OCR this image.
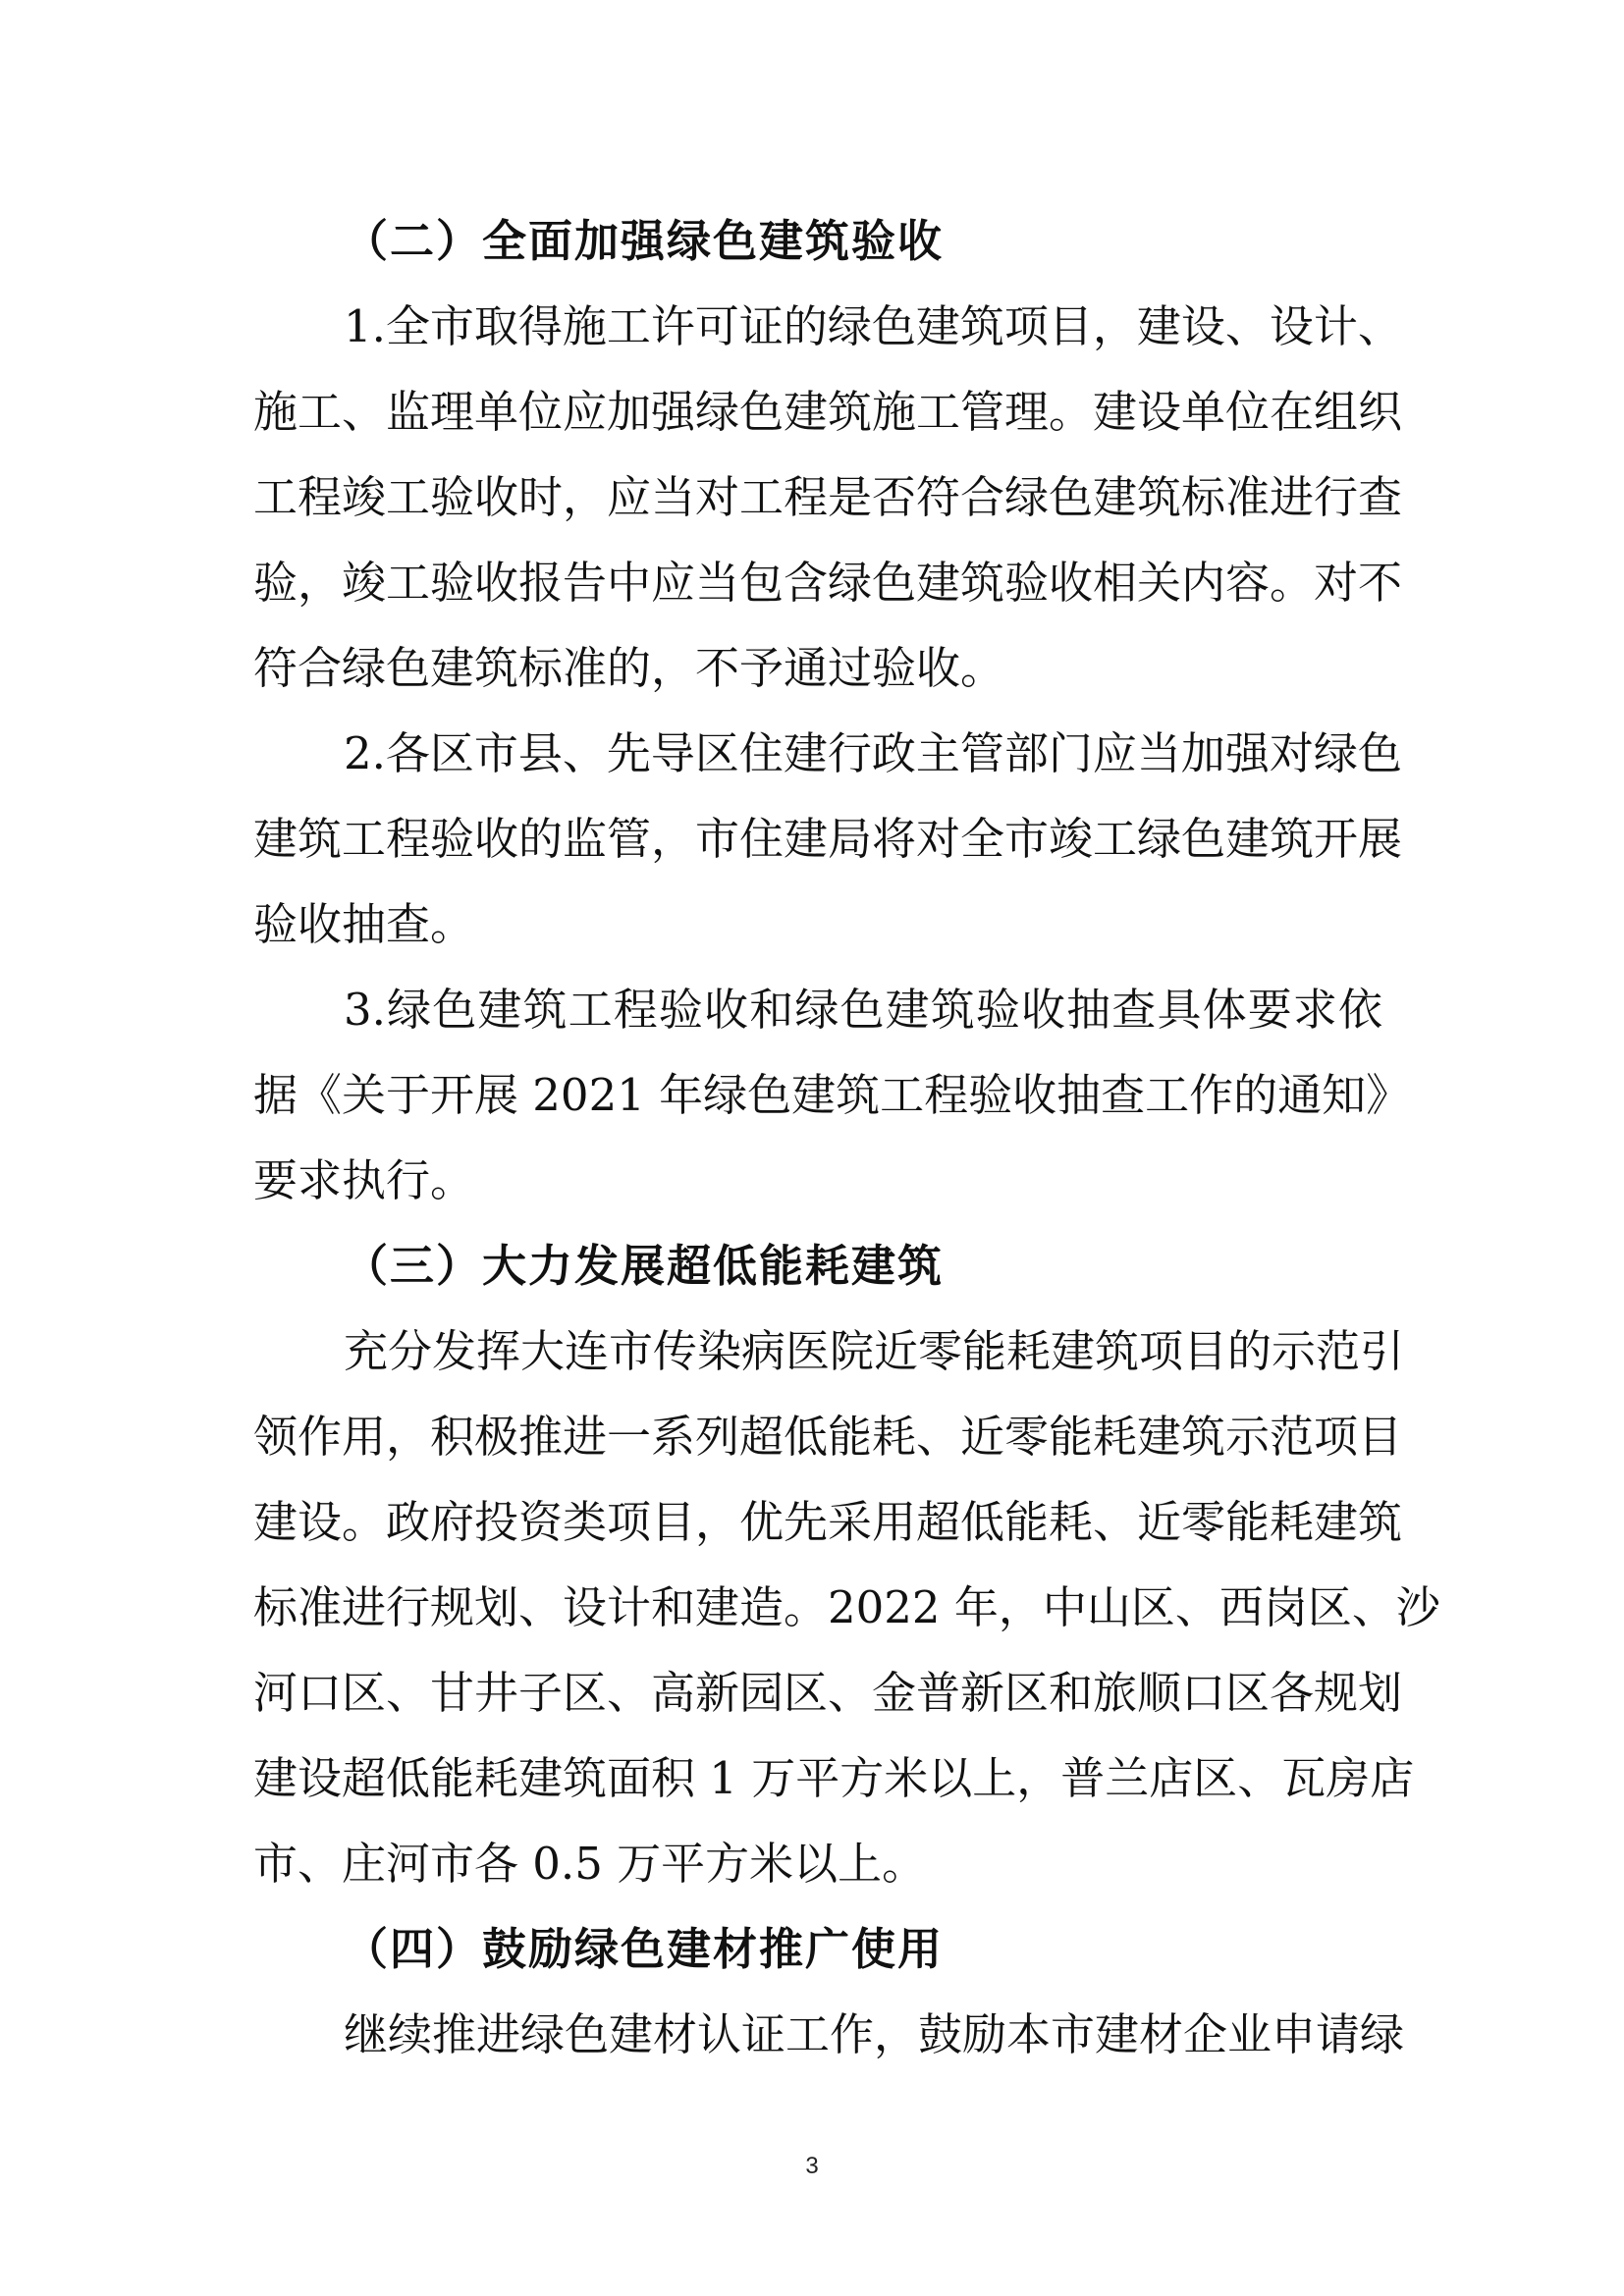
（二）全面加强绿色建筑验收
1.全市取得施工许可证的绿色建筑项目，建设、设计、
施工、监理单位应加强绿色建筑施工管理。建设单位在组织
工程竣工验收时，应当对工程是否符合绿色建筑标准进行查
验，竣工验收报告中应当包含绿色建筑验收相关内容。对不
符合绿色建筑标准的，不予通过验收。
2.各区市县、先导区住建行政主管部门应当加强对绿色
建筑工程验收的监管，市住建局将对全市竣工绿色建筑开展
验收抽查。
3.绿色建筑工程验收和绿色建筑验收抽查具体要求依
据《关于开展 2021 年绿色建筑工程验收抽查工作的通知》
要求执行。
（三）大力发展超低能耗建筑
充分发挥大连市传染病医院近零能耗建筑项目的示范引
领作用，积极推进一系列超低能耗、近零能耗建筑示范项目
建设。政府投资类项目，优先采用超低能耗、近零能耗建筑
标准进行规划、设计和建造。2022 年，中山区、西岗区、沙
河口区、甘井子区、高新园区、金普新区和旅顺口区各规划
建设超低能耗建筑面积 1 万平方米以上，普兰店区、瓦房店
市、庄河市各 0.5 万平方米以上。
（四）鼓励绿色建材推广使用
继续推进绿色建材认证工作，鼓励本市建材企业申请绿
3
